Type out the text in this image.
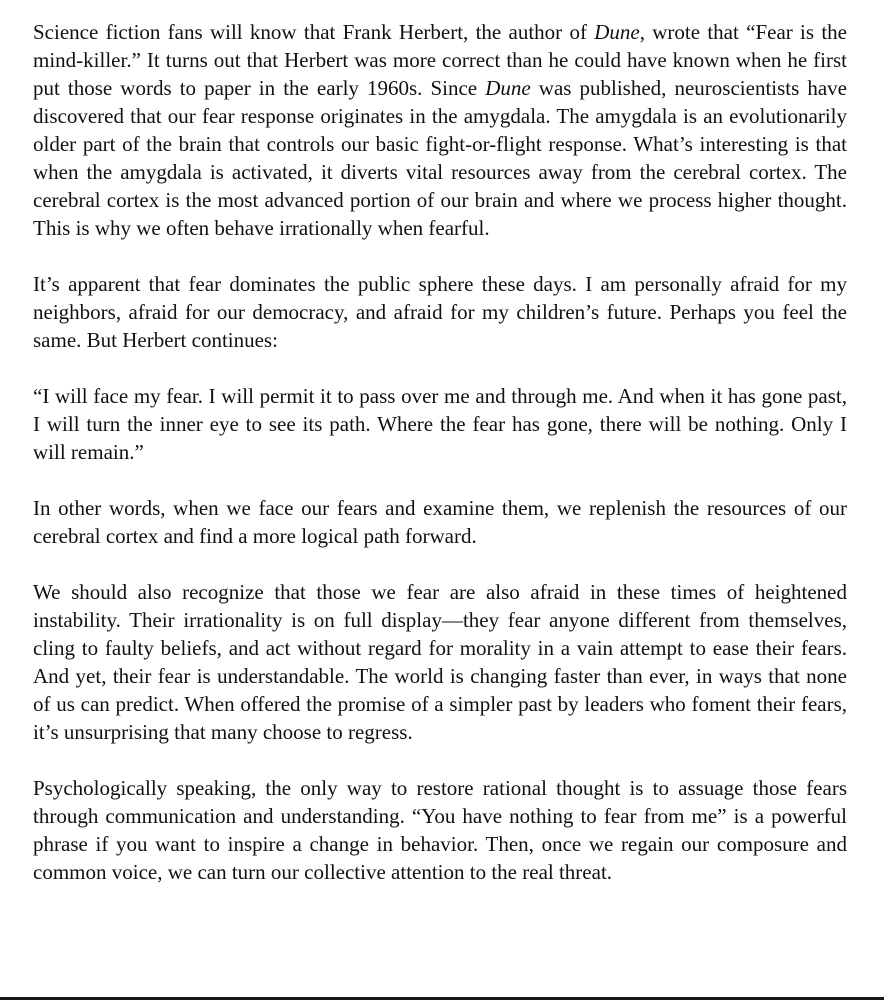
Science fiction fans will know that Frank Herbert, the author of Dune, wrote that “Fear is the mind-killer.” It turns out that Herbert was more correct than he could have known when he first put those words to paper in the early 1960s. Since Dune was published, neuroscientists have discovered that our fear response originates in the amygdala. The amygdala is an evolutionarily older part of the brain that controls our basic fight-or-flight response. What’s interesting is that when the amygdala is activated, it diverts vital resources away from the cerebral cortex. The cerebral cortex is the most advanced portion of our brain and where we process higher thought. This is why we often behave irrationally when fearful.

It’s apparent that fear dominates the public sphere these days. I am personally afraid for my neighbors, afraid for our democracy, and afraid for my children’s future. Perhaps you feel the same. But Herbert continues:

“I will face my fear. I will permit it to pass over me and through me. And when it has gone past, I will turn the inner eye to see its path. Where the fear has gone, there will be nothing. Only I will remain.”

In other words, when we face our fears and examine them, we replenish the resources of our cerebral cortex and find a more logical path forward.

We should also recognize that those we fear are also afraid in these times of heightened instability. Their irrationality is on full display—they fear anyone different from themselves, cling to faulty beliefs, and act without regard for morality in a vain attempt to ease their fears. And yet, their fear is understandable. The world is changing faster than ever, in ways that none of us can predict. When offered the promise of a simpler past by leaders who foment their fears, it’s unsurprising that many choose to regress.

Psychologically speaking, the only way to restore rational thought is to assuage those fears through communication and understanding. “You have nothing to fear from me” is a powerful phrase if you want to inspire a change in behavior. Then, once we regain our composure and common voice, we can turn our collective attention to the real threat.
